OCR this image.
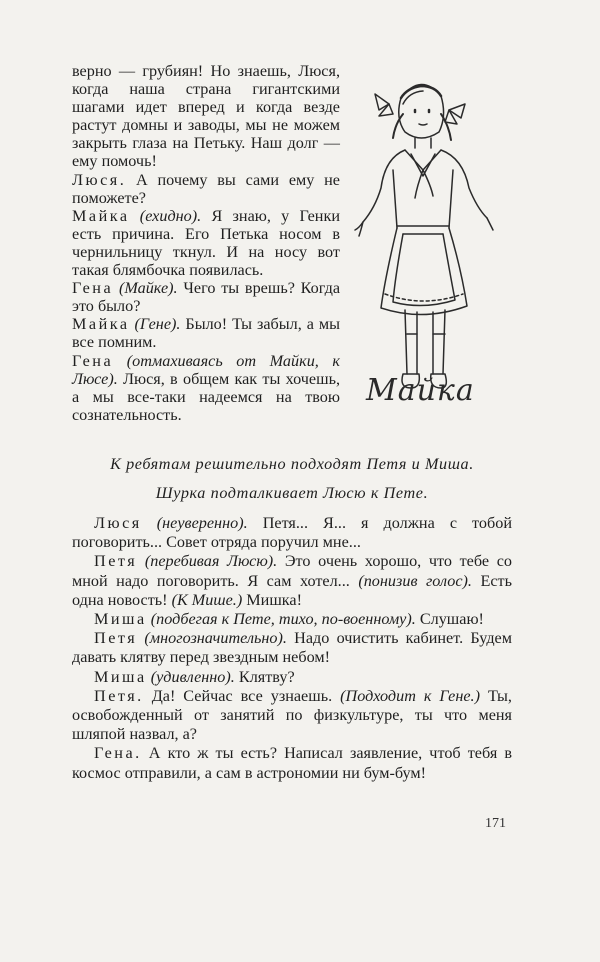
верно — грубиян! Но знаешь, Люся, когда наша страна гигантскими шагами идет вперед и когда везде растут домны и заводы, мы не можем закрыть глаза на Петьку. Наш долг — ему помочь!

Люся. А почему вы сами ему не поможете?

Майка (ехидно). Я знаю, у Генки есть причина. Его Петька носом в чернильницу ткнул. И на носу вот такая блямбочка появилась.

Гена (Майке). Чего ты врешь? Когда это было?

Майка (Гене). Было! Ты забыл, а мы все помним.

Гена (отмахиваясь от Майки, к Люсе). Люся, в общем как ты хочешь, а мы все-таки надеемся на твою сознательность.

Майка
К ребятам решительно подходят Петя и Миша.
Шурка подталкивает Люсю к Пете.

Люся (неуверенно). Петя... Я... я должна с тобой поговорить... Совет отряда поручил мне...

Петя (перебивая Люсю). Это очень хорошо, что тебе со мной надо поговорить. Я сам хотел... (понизив голос). Есть одна новость! (К Мише.) Мишка!

Миша (подбегая к Пете, тихо, по-военному). Слушаю!

Петя (многозначительно). Надо очистить кабинет. Будем давать клятву перед звездным небом!

Миша (удивленно). Клятву?

Петя. Да! Сейчас все узнаешь. (Подходит к Гене.) Ты, освобожденный от занятий по физкультуре, ты что меня шляпой назвал, а?

Гена. А кто ж ты есть? Написал заявление, чтоб тебя в космос отправили, а сам в астрономии ни бум-бум!

171
